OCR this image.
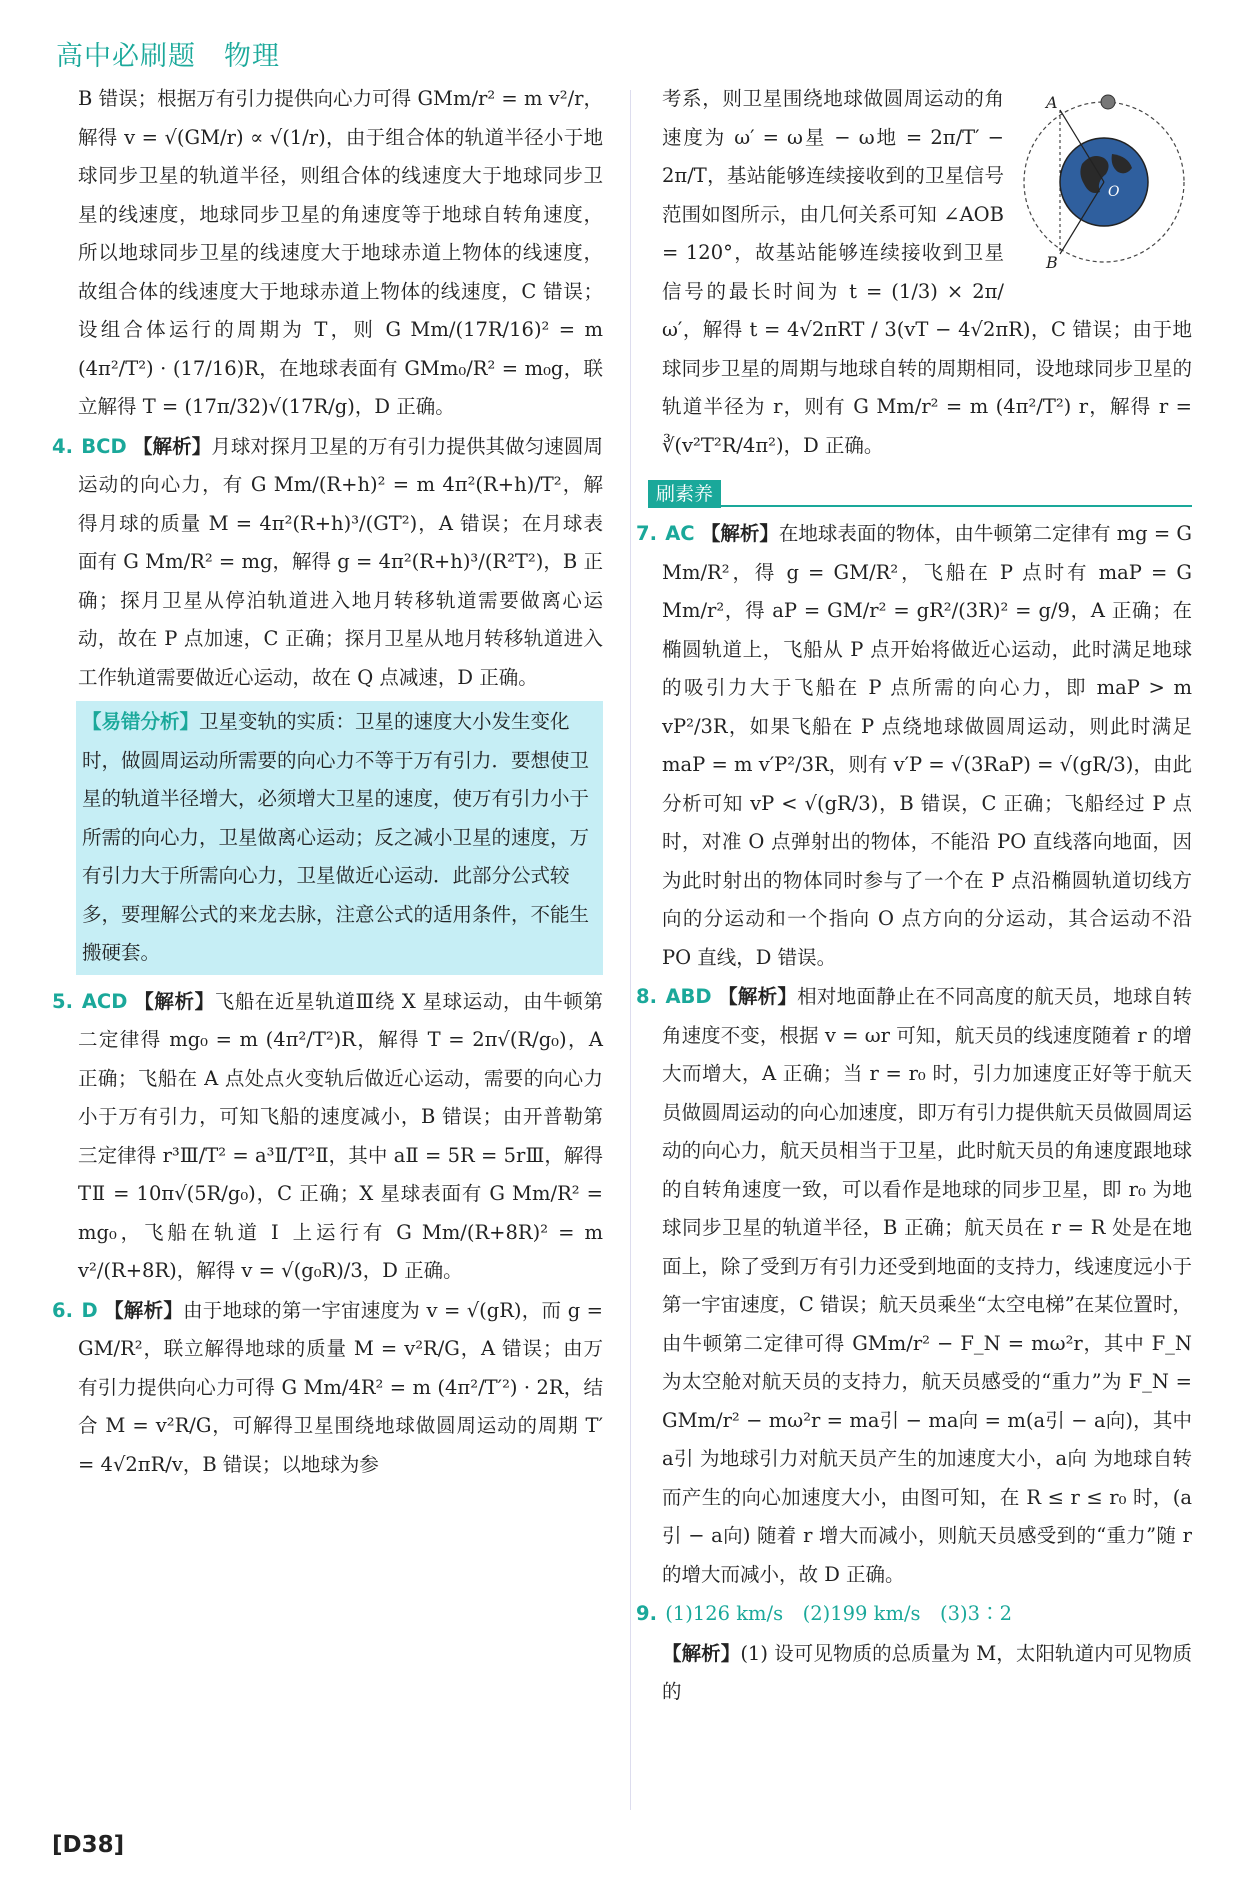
高中必刷题　物理

B 错误；根据万有引力提供向心力可得 GMm/r² = m v²/r，解得 v = √(GM/r) ∝ √(1/r)，由于组合体的轨道半径小于地球同步卫星的轨道半径，则组合体的线速度大于地球同步卫星的线速度，地球同步卫星的角速度等于地球自转角速度，所以地球同步卫星的线速度大于地球赤道上物体的线速度，故组合体的线速度大于地球赤道上物体的线速度，C 错误；设组合体运行的周期为 T，则 G Mm/(17R/16)² = m (4π²/T²) · (17/16)R，在地球表面有 GMm₀/R² = m₀g，联立解得 T = (17π/32)√(17R/g)，D 正确。

4. BCD 【解析】月球对探月卫星的万有引力提供其做匀速圆周运动的向心力，有 G Mm/(R+h)² = m 4π²(R+h)/T²，解得月球的质量 M = 4π²(R+h)³/(GT²)，A 错误；在月球表面有 G Mm/R² = mg，解得 g = 4π²(R+h)³/(R²T²)，B 正确；探月卫星从停泊轨道进入地月转移轨道需要做离心运动，故在 P 点加速，C 正确；探月卫星从地月转移轨道进入工作轨道需要做近心运动，故在 Q 点减速，D 正确。

【易错分析】卫星变轨的实质：卫星的速度大小发生变化时，做圆周运动所需要的向心力不等于万有引力．要想使卫星的轨道半径增大，必须增大卫星的速度，使万有引力小于所需的向心力，卫星做离心运动；反之减小卫星的速度，万有引力大于所需向心力，卫星做近心运动．此部分公式较多，要理解公式的来龙去脉，注意公式的适用条件，不能生搬硬套。

5. ACD 【解析】飞船在近星轨道Ⅲ绕 X 星球运动，由牛顿第二定律得 mg₀ = m (4π²/T²)R，解得 T = 2π√(R/g₀)，A 正确；飞船在 A 点处点火变轨后做近心运动，需要的向心力小于万有引力，可知飞船的速度减小，B 错误；由开普勒第三定律得 r³Ⅲ/T² = a³Ⅱ/T²Ⅱ，其中 aⅡ = 5R = 5rⅢ，解得 TⅡ = 10π√(5R/g₀)，C 正确；X 星球表面有 G Mm/R² = mg₀，飞船在轨道 Ⅰ 上运行有 G Mm/(R+8R)² = m v²/(R+8R)，解得 v = √(g₀R)/3，D 正确。

6. D 【解析】由于地球的第一宇宙速度为 v = √(gR)，而 g = GM/R²，联立解得地球的质量 M = v²R/G，A 错误；由万有引力提供向心力可得 G Mm/4R² = m (4π²/T′²) · 2R，结合 M = v²R/G，可解得卫星围绕地球做圆周运动的周期 T′ = 4√2πR/v，B 错误；以地球为参

A
B
O

考系，则卫星围绕地球做圆周运动的角速度为 ω′ = ω星 − ω地 = 2π/T′ − 2π/T，基站能够连续接收到的卫星信号范围如图所示，由几何关系可知 ∠AOB = 120°，故基站能够连续接收到卫星信号的最长时间为 t = (1/3) × 2π/ω′，解得 t = 4√2πRT / 3(vT − 4√2πR)，C 错误；由于地球同步卫星的周期与地球自转的周期相同，设地球同步卫星的轨道半径为 r，则有 G Mm/r² = m (4π²/T²) r，解得 r = ∛(v²T²R/4π²)，D 正确。

刷素养

7. AC 【解析】在地球表面的物体，由牛顿第二定律有 mg = G Mm/R²，得 g = GM/R²，飞船在 P 点时有 maP = G Mm/r²，得 aP = GM/r² = gR²/(3R)² = g/9，A 正确；在椭圆轨道上，飞船从 P 点开始将做近心运动，此时满足地球的吸引力大于飞船在 P 点所需的向心力，即 maP > m vP²/3R，如果飞船在 P 点绕地球做圆周运动，则此时满足 maP = m v′P²/3R，则有 v′P = √(3RaP) = √(gR/3)，由此分析可知 vP < √(gR/3)，B 错误，C 正确；飞船经过 P 点时，对准 O 点弹射出的物体，不能沿 PO 直线落向地面，因为此时射出的物体同时参与了一个在 P 点沿椭圆轨道切线方向的分运动和一个指向 O 点方向的分运动，其合运动不沿 PO 直线，D 错误。

8. ABD 【解析】相对地面静止在不同高度的航天员，地球自转角速度不变，根据 v = ωr 可知，航天员的线速度随着 r 的增大而增大，A 正确；当 r = r₀ 时，引力加速度正好等于航天员做圆周运动的向心加速度，即万有引力提供航天员做圆周运动的向心力，航天员相当于卫星，此时航天员的角速度跟地球的自转角速度一致，可以看作是地球的同步卫星，即 r₀ 为地球同步卫星的轨道半径，B 正确；航天员在 r = R 处是在地面上，除了受到万有引力还受到地面的支持力，线速度远小于第一宇宙速度，C 错误；航天员乘坐“太空电梯”在某位置时，由牛顿第二定律可得 GMm/r² − F_N = mω²r，其中 F_N 为太空舱对航天员的支持力，航天员感受的“重力”为 F_N = GMm/r² − mω²r = ma引 − ma向 = m(a引 − a向)，其中 a引 为地球引力对航天员产生的加速度大小，a向 为地球自转而产生的向心加速度大小，由图可知，在 R ≤ r ≤ r₀ 时，(a引 − a向) 随着 r 增大而减小，则航天员感受到的“重力”随 r 的增大而减小，故 D 正确。

9. (1)126 km/s　(2)199 km/s　(3)3∶2

【解析】(1) 设可见物质的总质量为 M，太阳轨道内可见物质的

[D38]
